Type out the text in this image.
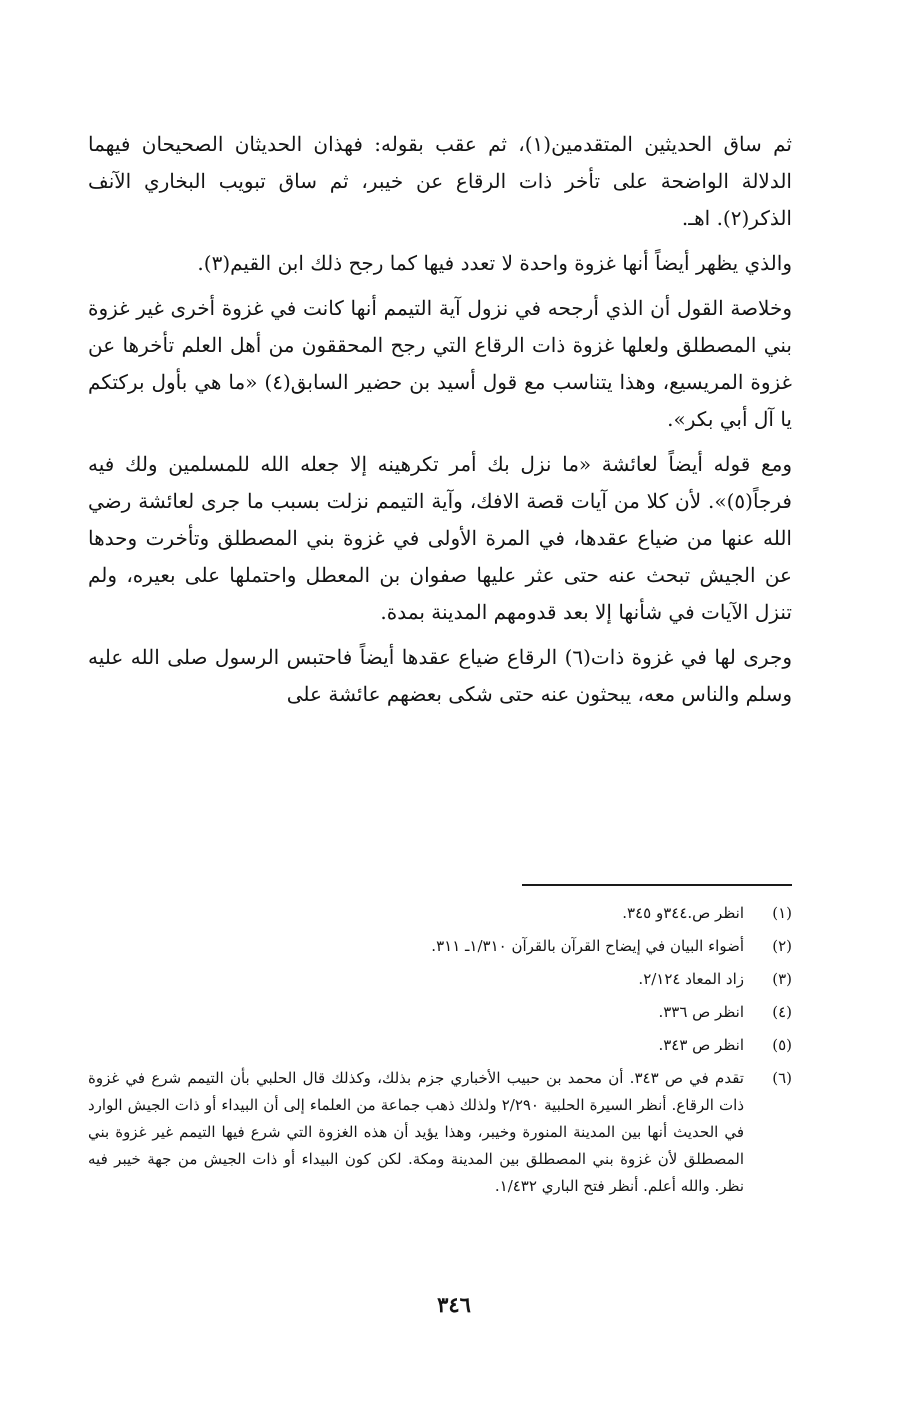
ثم ساق الحديثين المتقدمين(١)، ثم عقب بقوله: فهذان الحديثان الصحيحان فيهما الدلالة الواضحة على تأخر ذات الرقاع عن خيبر، ثم ساق تبويب البخاري الآنف الذكر(٢). اهـ.

والذي يظهر أيضاً أنها غزوة واحدة لا تعدد فيها كما رجح ذلك ابن القيم(٣).

وخلاصة القول أن الذي أرجحه في نزول آية التيمم أنها كانت في غزوة أخرى غير غزوة بني المصطلق ولعلها غزوة ذات الرقاع التي رجح المحققون من أهل العلم تأخرها عن غزوة المريسيع، وهذا يتناسب مع قول أسيد بن حضير السابق(٤) «ما هي بأول بركتكم يا آل أبي بكر».

ومع قوله أيضاً لعائشة «ما نزل بك أمر تكرهينه إلا جعله الله للمسلمين ولك فيه فرجاً(٥)». لأن كلا من آيات قصة الافك، وآية التيمم نزلت بسبب ما جرى لعائشة رضي الله عنها من ضياع عقدها، في المرة الأولى في غزوة بني المصطلق وتأخرت وحدها عن الجيش تبحث عنه حتى عثر عليها صفوان بن المعطل واحتملها على بعيره، ولم تنزل الآيات في شأنها إلا بعد قدومهم المدينة بمدة.

وجرى لها في غزوة ذات(٦) الرقاع ضياع عقدها أيضاً فاحتبس الرسول صلى الله عليه وسلم والناس معه، يبحثون عنه حتى شكى بعضهم عائشة على

(١)
انظر ص.٣٤٤و ٣٤٥.
(٢)
أضواء البيان في إيضاح القرآن بالقرآن ١/٣١٠ـ ٣١١.
(٣)
زاد المعاد ٢/١٢٤.
(٤)
انظر ص ٣٣٦.
(٥)
انظر ص ٣٤٣.
(٦)
تقدم في ص ٣٤٣. أن محمد بن حبيب الأخباري جزم بذلك، وكذلك قال الحلبي بأن التيمم شرع في غزوة ذات الرقاع. أنظر السيرة الحلبية ٢/٢٩٠ ولذلك ذهب جماعة من العلماء إلى أن البيداء أو ذات الجيش الوارد في الحديث أنها بين المدينة المنورة وخيبر، وهذا يؤيد أن هذه الغزوة التي شرع فيها التيمم غير غزوة بني المصطلق لأن غزوة بني المصطلق بين المدينة ومكة. لكن كون البيداء أو ذات الجيش من جهة خيبر فيه نظر. والله أعلم. أنظر فتح الباري ١/٤٣٢.
٣٤٦
